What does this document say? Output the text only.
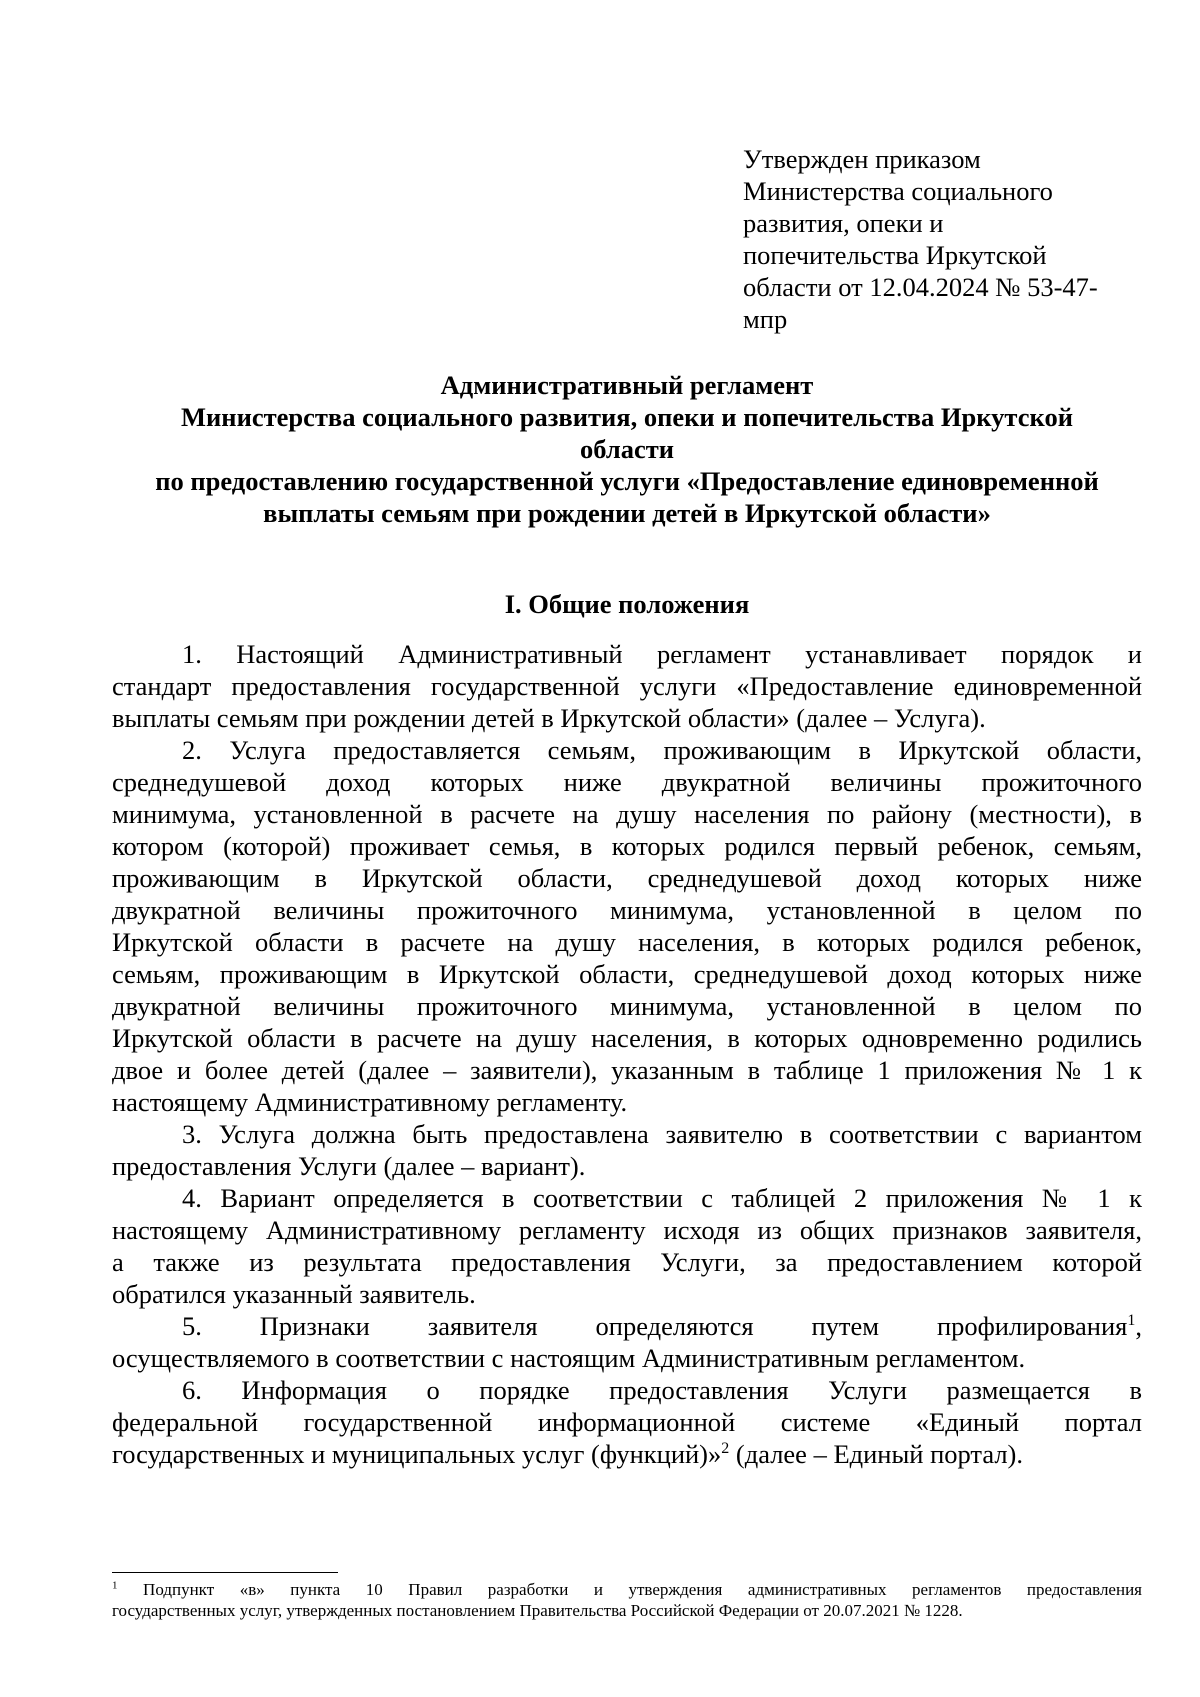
Утвержден приказом
Министерства социального
развития, опеки и
попечительства Иркутской
области от 12.04.2024 № 53-47-
мпр
Административный регламент
Министерства социального развития, опеки и попечительства Иркутской
области
по предоставлению государственной услуги «Предоставление единовременной
выплаты семьям при рождении детей в Иркутской области»
I. Общие положения

1. Настоящий Административный регламент устанавливает порядок и
стандарт предоставления государственной услуги «Предоставление единовременной
выплаты семьям при рождении детей в Иркутской области» (далее – Услуга).

2. Услуга предоставляется семьям, проживающим в Иркутской области,
среднедушевой доход которых ниже двукратной величины прожиточного
минимума, установленной в расчете на душу населения по району (местности), в
котором (которой) проживает семья, в которых родился первый ребенок, семьям,
проживающим в Иркутской области, среднедушевой доход которых ниже
двукратной величины прожиточного минимума, установленной в целом по
Иркутской области в расчете на душу населения, в которых родился ребенок,
семьям, проживающим в Иркутской области, среднедушевой доход которых ниже
двукратной величины прожиточного минимума, установленной в целом по
Иркутской области в расчете на душу населения, в которых одновременно родились
двое и более детей (далее – заявители), указанным в таблице 1 приложения № 1 к
настоящему Административному регламенту.

3. Услуга должна быть предоставлена заявителю в соответствии с вариантом
предоставления Услуги (далее – вариант).

4. Вариант определяется в соответствии с таблицей 2 приложения № 1 к
настоящему Административному регламенту исходя из общих признаков заявителя,
а также из результата предоставления Услуги, за предоставлением которой
обратился указанный заявитель.

5. Признаки заявителя определяются путем профилирования$^1$,
осуществляемого в соответствии с настоящим Административным регламентом.

6. Информация о порядке предоставления Услуги размещается в
федеральной государственной информационной системе «Единый портал
государственных и муниципальных услуг (функций)»$^2$ (далее – Единый портал).

$^1$ Подпункт «в» пункта 10 Правил разработки и утверждения административных регламентов предоставления
государственных услуг, утвержденных постановлением Правительства Российской Федерации от 20.07.2021 № 1228.
